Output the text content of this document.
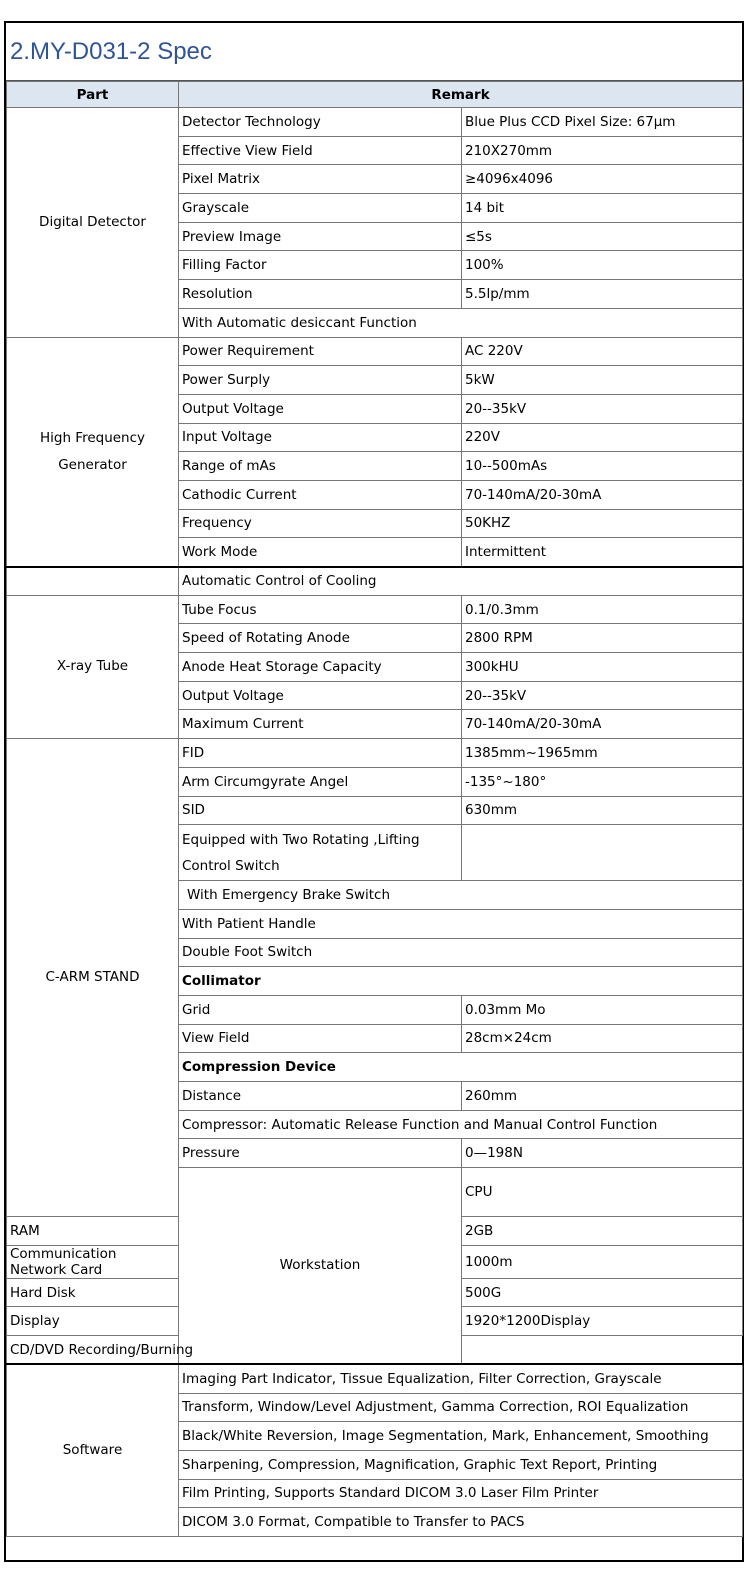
2.MY-D031-2 Spec
Part	Remark		

Digital Detector	Detector Technology	Blue Plus CCD Pixel Size: 67μm	
	Effective View Field	210X270mm	
	Pixel Matrix	≥4096x4096	
	Grayscale	14 bit	
	Preview Image	≤5s	
	Filling Factor	100%	
	Resolution	5.5lp/mm	
	With Automatic desiccant Function		

High Frequency
Generator	Power Requirement	AC 220V	
	Power Surply	5kW	
	Output Voltage	20--35kV	
	Input Voltage	220V	
	Range of mAs	10--500mAs	
	Cathodic Current	70-140mA/20-30mA	
	Frequency	50KHZ	
	Work Mode	Intermittent	
	Automatic Control of Cooling		

X-ray Tube	Tube Focus	0.1/0.3mm	
	Speed of Rotating Anode	2800 RPM	
	Anode Heat Storage Capacity	300kHU	
	Output Voltage	20--35kV	
	Maximum Current	70-140mA/20-30mA	

C-ARM STAND	FID	1385mm~1965mm	
	Arm Circumgyrate Angel	-135°~180°	
	SID	630mm	
	Equipped with Two Rotating ,Lifting Control Switch		
	With Emergency Brake Switch		
	With Patient Handle		
	Double Foot Switch		
	Collimator		
	Grid	0.03mm Mo	
	View Field	28cm×24cm	
	Compression Device		
	Distance	260mm	
	Compressor: Automatic Release Function and Manual Control Function		
	Pressure	0—198N	

	Workstation	CPU	
RAM		2GB	
Communication Network Card		1000m	
Hard Disk		500G	
Display		1920*1200Display	
CD/DVD Recording/Burning			

Software	Imaging Part Indicator, Tissue Equalization, Filter Correction, Grayscale		
	Transform, Window/Level Adjustment, Gamma Correction, ROI Equalization		
	Black/White Reversion, Image Segmentation, Mark, Enhancement, Smoothing		
	Sharpening, Compression, Magnification, Graphic Text Report, Printing		
	Film Printing, Supports Standard DICOM 3.0 Laser Film Printer		
	DICOM 3.0 Format, Compatible to Transfer to PACS		
